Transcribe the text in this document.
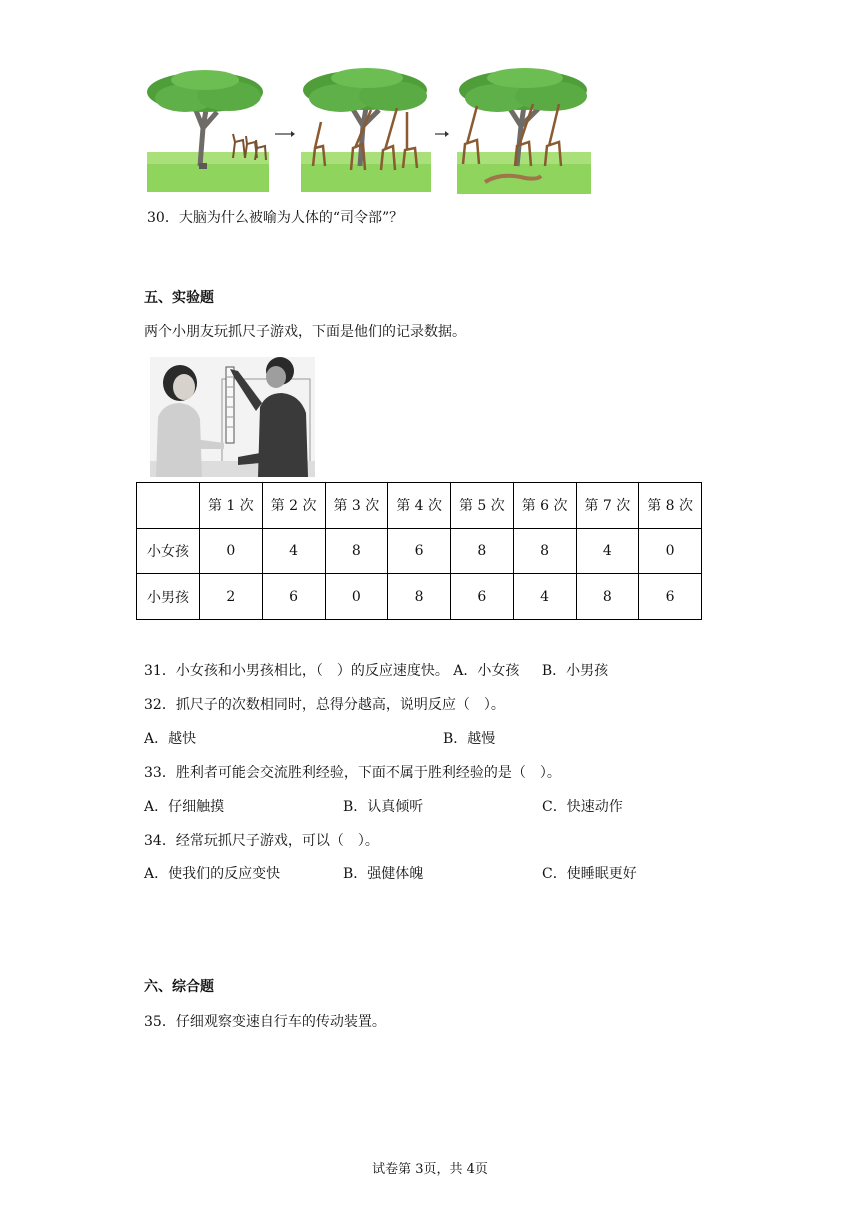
30．大脑为什么被喻为人体的“司令部”？
五、实验题
两个小朋友玩抓尺子游戏，下面是他们的记录数据。
	第 1 次	第 2 次	第 3 次	第 4 次	第 5 次	第 6 次	第 7 次	第 8 次
小女孩	0	4	8	6	8	8	4	0
小男孩	2	6	0	8	6	4	8	6
31．小女孩和小男孩相比，（　）的反应速度快。 A．小女孩 B．小男孩
32．抓尺子的次数相同时，总得分越高，说明反应（　）。
A．越快	B．越慢
33．胜利者可能会交流胜利经验，下面不属于胜利经验的是（　）。
A．仔细触摸	B．认真倾听	C．快速动作
34．经常玩抓尺子游戏，可以（　）。
A．使我们的反应变快	B．强健体魄	C．使睡眠更好
六、综合题
35．仔细观察变速自行车的传动装置。
试卷第 3页，共 4页
